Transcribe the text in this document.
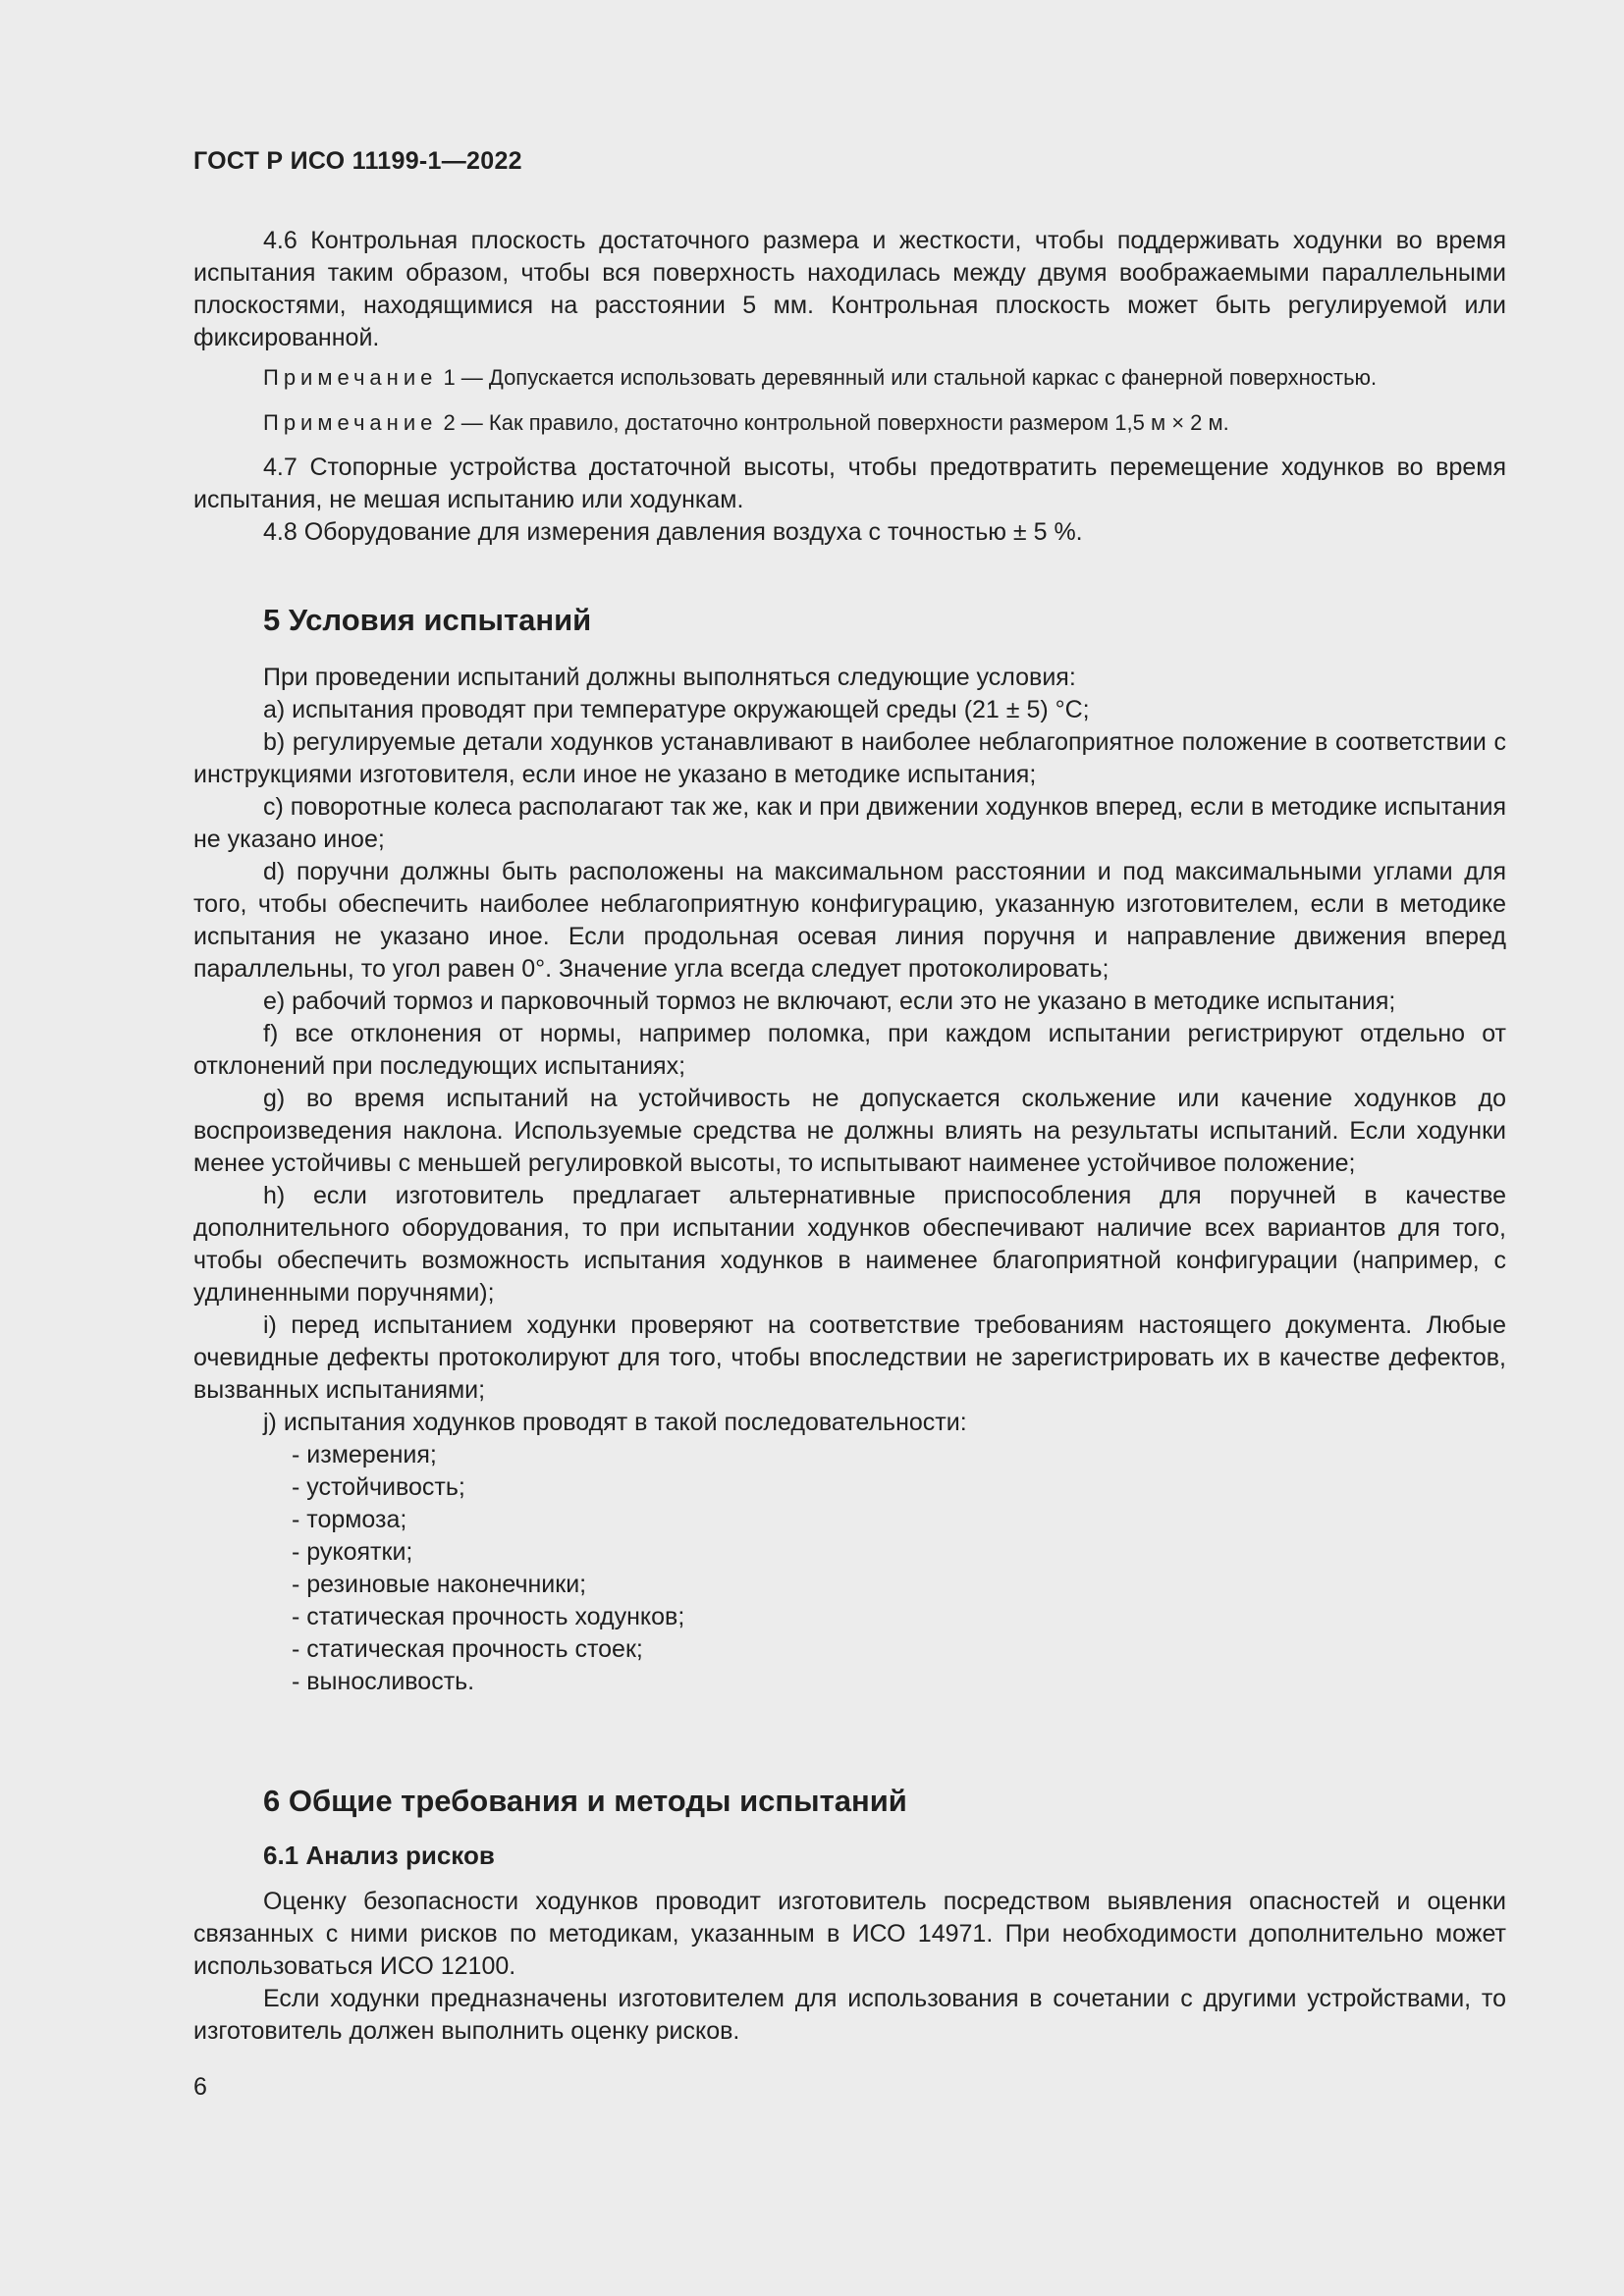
ГОСТ Р ИСО 11199-1—2022

4.6 Контрольная плоскость достаточного размера и жесткости, чтобы поддерживать ходунки во время испытания таким образом, чтобы вся поверхность находилась между двумя воображаемыми параллельными плоскостями, находящимися на расстоянии 5 мм. Контрольная плоскость может быть регулируемой или фиксированной.

Примечание 1 — Допускается использовать деревянный или стальной каркас с фанерной поверхностью.

Примечание 2 — Как правило, достаточно контрольной поверхности размером 1,5 м × 2 м.

4.7 Стопорные устройства достаточной высоты, чтобы предотвратить перемещение ходунков во время испытания, не мешая испытанию или ходункам.

4.8 Оборудование для измерения давления воздуха с точностью ± 5 %.

5 Условия испытаний

При проведении испытаний должны выполняться следующие условия:

a) испытания проводят при температуре окружающей среды (21 ± 5) °С;

b) регулируемые детали ходунков устанавливают в наиболее неблагоприятное положение в соответствии с инструкциями изготовителя, если иное не указано в методике испытания;

c) поворотные колеса располагают так же, как и при движении ходунков вперед, если в методике испытания не указано иное;

d) поручни должны быть расположены на максимальном расстоянии и под максимальными углами для того, чтобы обеспечить наиболее неблагоприятную конфигурацию, указанную изготовителем, если в методике испытания не указано иное. Если продольная осевая линия поручня и направление движения вперед параллельны, то угол равен 0°. Значение угла всегда следует протоколировать;

e) рабочий тормоз и парковочный тормоз не включают, если это не указано в методике испытания;

f) все отклонения от нормы, например поломка, при каждом испытании регистрируют отдельно от отклонений при последующих испытаниях;

g) во время испытаний на устойчивость не допускается скольжение или качение ходунков до воспроизведения наклона. Используемые средства не должны влиять на результаты испытаний. Если ходунки менее устойчивы с меньшей регулировкой высоты, то испытывают наименее устойчивое положение;

h) если изготовитель предлагает альтернативные приспособления для поручней в качестве дополнительного оборудования, то при испытании ходунков обеспечивают наличие всех вариантов для того, чтобы обеспечить возможность испытания ходунков в наименее благоприятной конфигурации (например, с удлиненными поручнями);

i) перед испытанием ходунки проверяют на соответствие требованиям настоящего документа. Любые очевидные дефекты протоколируют для того, чтобы впоследствии не зарегистрировать их в качестве дефектов, вызванных испытаниями;

j) испытания ходунков проводят в такой последовательности:

- измерения;

- устойчивость;

- тормоза;

- рукоятки;

- резиновые наконечники;

- статическая прочность ходунков;

- статическая прочность стоек;

- выносливость.

6 Общие требования и методы испытаний
6.1 Анализ рисков

Оценку безопасности ходунков проводит изготовитель посредством выявления опасностей и оценки связанных с ними рисков по методикам, указанным в ИСО 14971. При необходимости дополнительно может использоваться ИСО 12100.

Если ходунки предназначены изготовителем для использования в сочетании с другими устройствами, то изготовитель должен выполнить оценку рисков.

6
